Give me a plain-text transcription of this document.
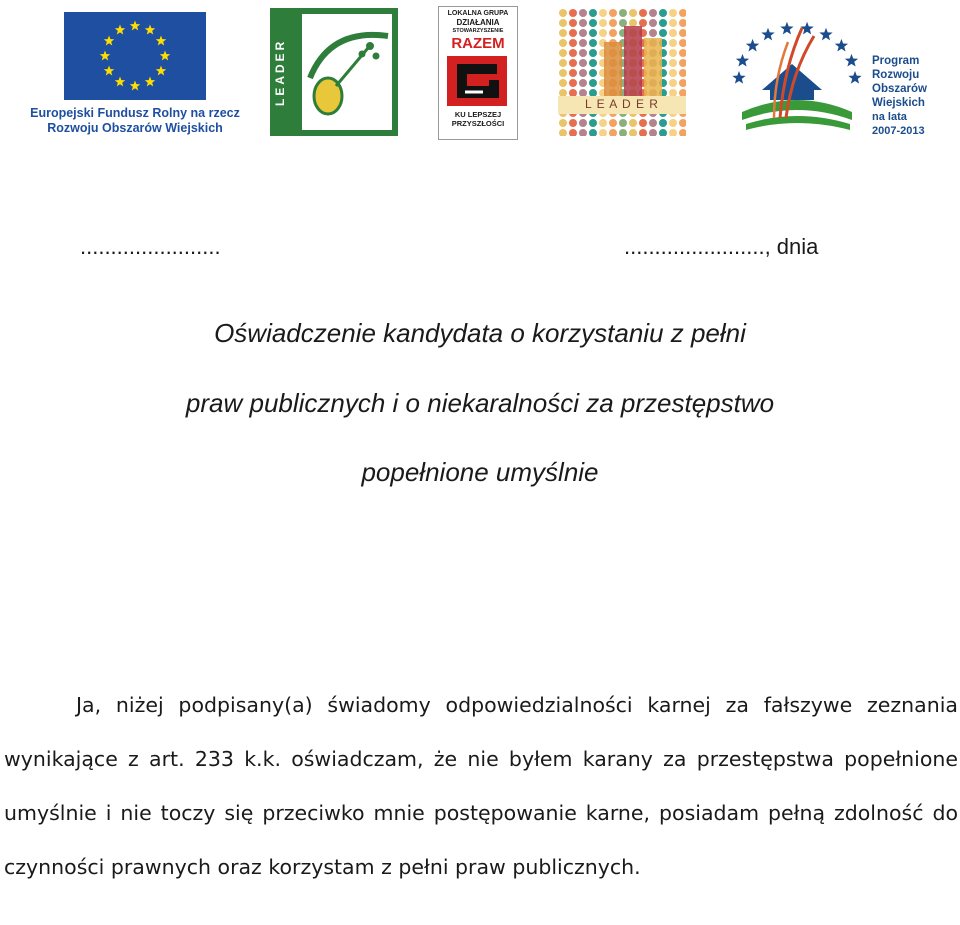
Europejski Fundusz Rolny na rzecz
Rozwoju Obszarów Wiejskich
LEADER
LOKALNA GRUPA
DZIAŁANIA
STOWARZYSZENIE
RAZEM
KU LEPSZEJ
PRZYSZŁOŚCI
L E A D E R
Program
Rozwoju
Obszarów
Wiejskich
na lata 2007-2013
.......................	......................., dnia
Oświadczenie kandydata o korzystaniu z pełni
praw publicznych i o niekaralności za przestępstwo
popełnione umyślnie

Ja, niżej podpisany(a) świadomy odpowiedzialności karnej za fałszywe zeznania wynikające z art. 233 k.k. oświadczam, że nie byłem karany za przestępstwa popełnione umyślnie i nie toczy się przeciwko mnie postępowanie karne, posiadam pełną zdolność do czynności prawnych oraz korzystam z pełni praw publicznych.
